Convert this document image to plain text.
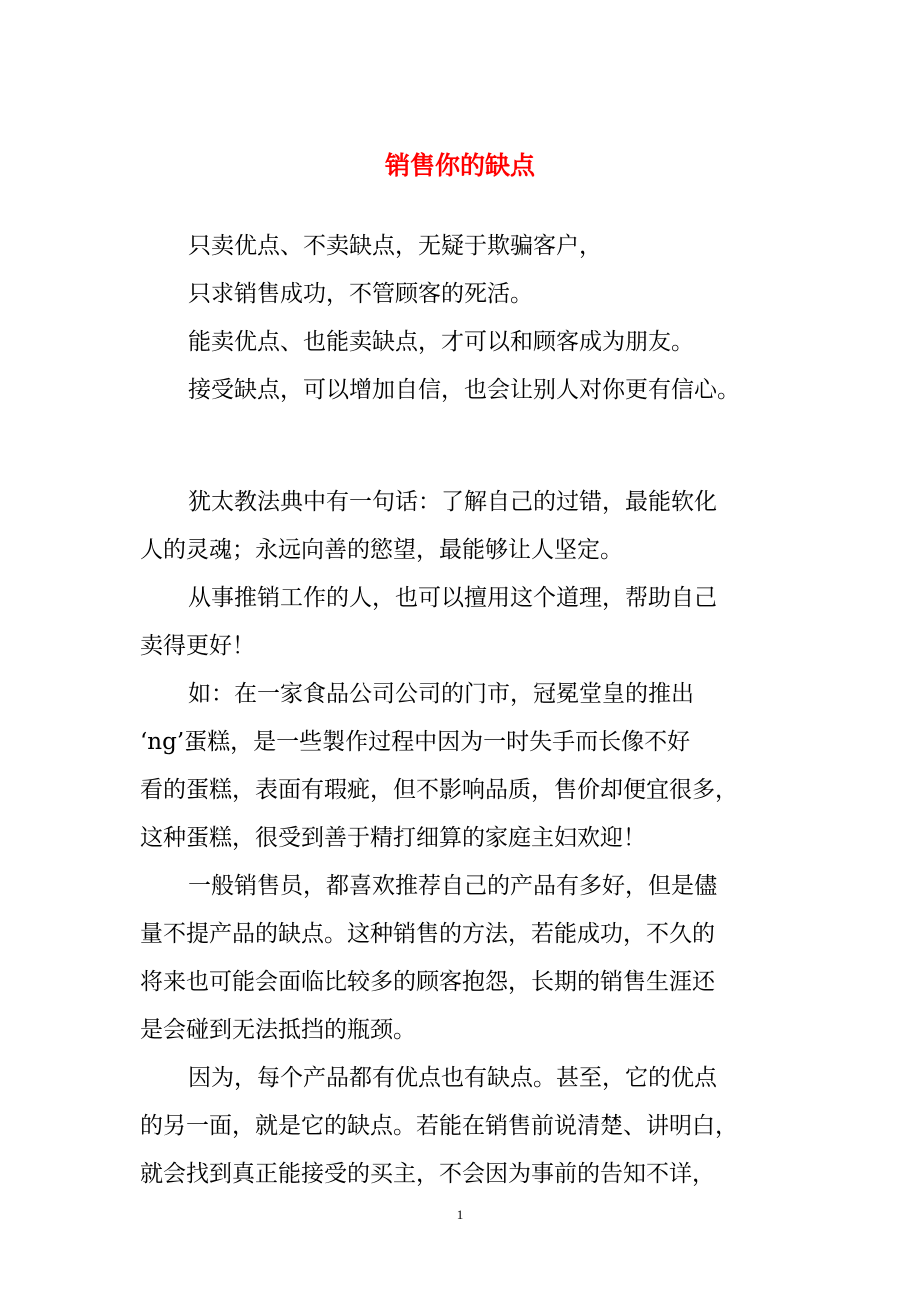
销售你的缺点

只卖优点、不卖缺点，无疑于欺骗客户，

只求销售成功，不管顾客的死活。

能卖优点、也能卖缺点，才可以和顾客成为朋友。

接受缺点，可以增加自信，也会让别人对你更有信心。

犹太教法典中有一句话：了解自己的过错，最能软化

人的灵魂；永远向善的慾望，最能够让人坚定。

从事推销工作的人，也可以擅用这个道理，帮助自己

卖得更好！

如：在一家食品公司公司的门市，冠冕堂皇的推出

‘ng’蛋糕，是一些製作过程中因为一时失手而长像不好

看的蛋糕，表面有瑕疵，但不影响品质，售价却便宜很多，

这种蛋糕，很受到善于精打细算的家庭主妇欢迎！

一般销售员，都喜欢推荐自己的产品有多好，但是儘

量不提产品的缺点。这种销售的方法，若能成功，不久的

将来也可能会面临比较多的顾客抱怨，长期的销售生涯还

是会碰到无法抵挡的瓶颈。

因为，每个产品都有优点也有缺点。甚至，它的优点

的另一面，就是它的缺点。若能在销售前说清楚、讲明白，

就会找到真正能接受的买主，不会因为事前的告知不详，

1
